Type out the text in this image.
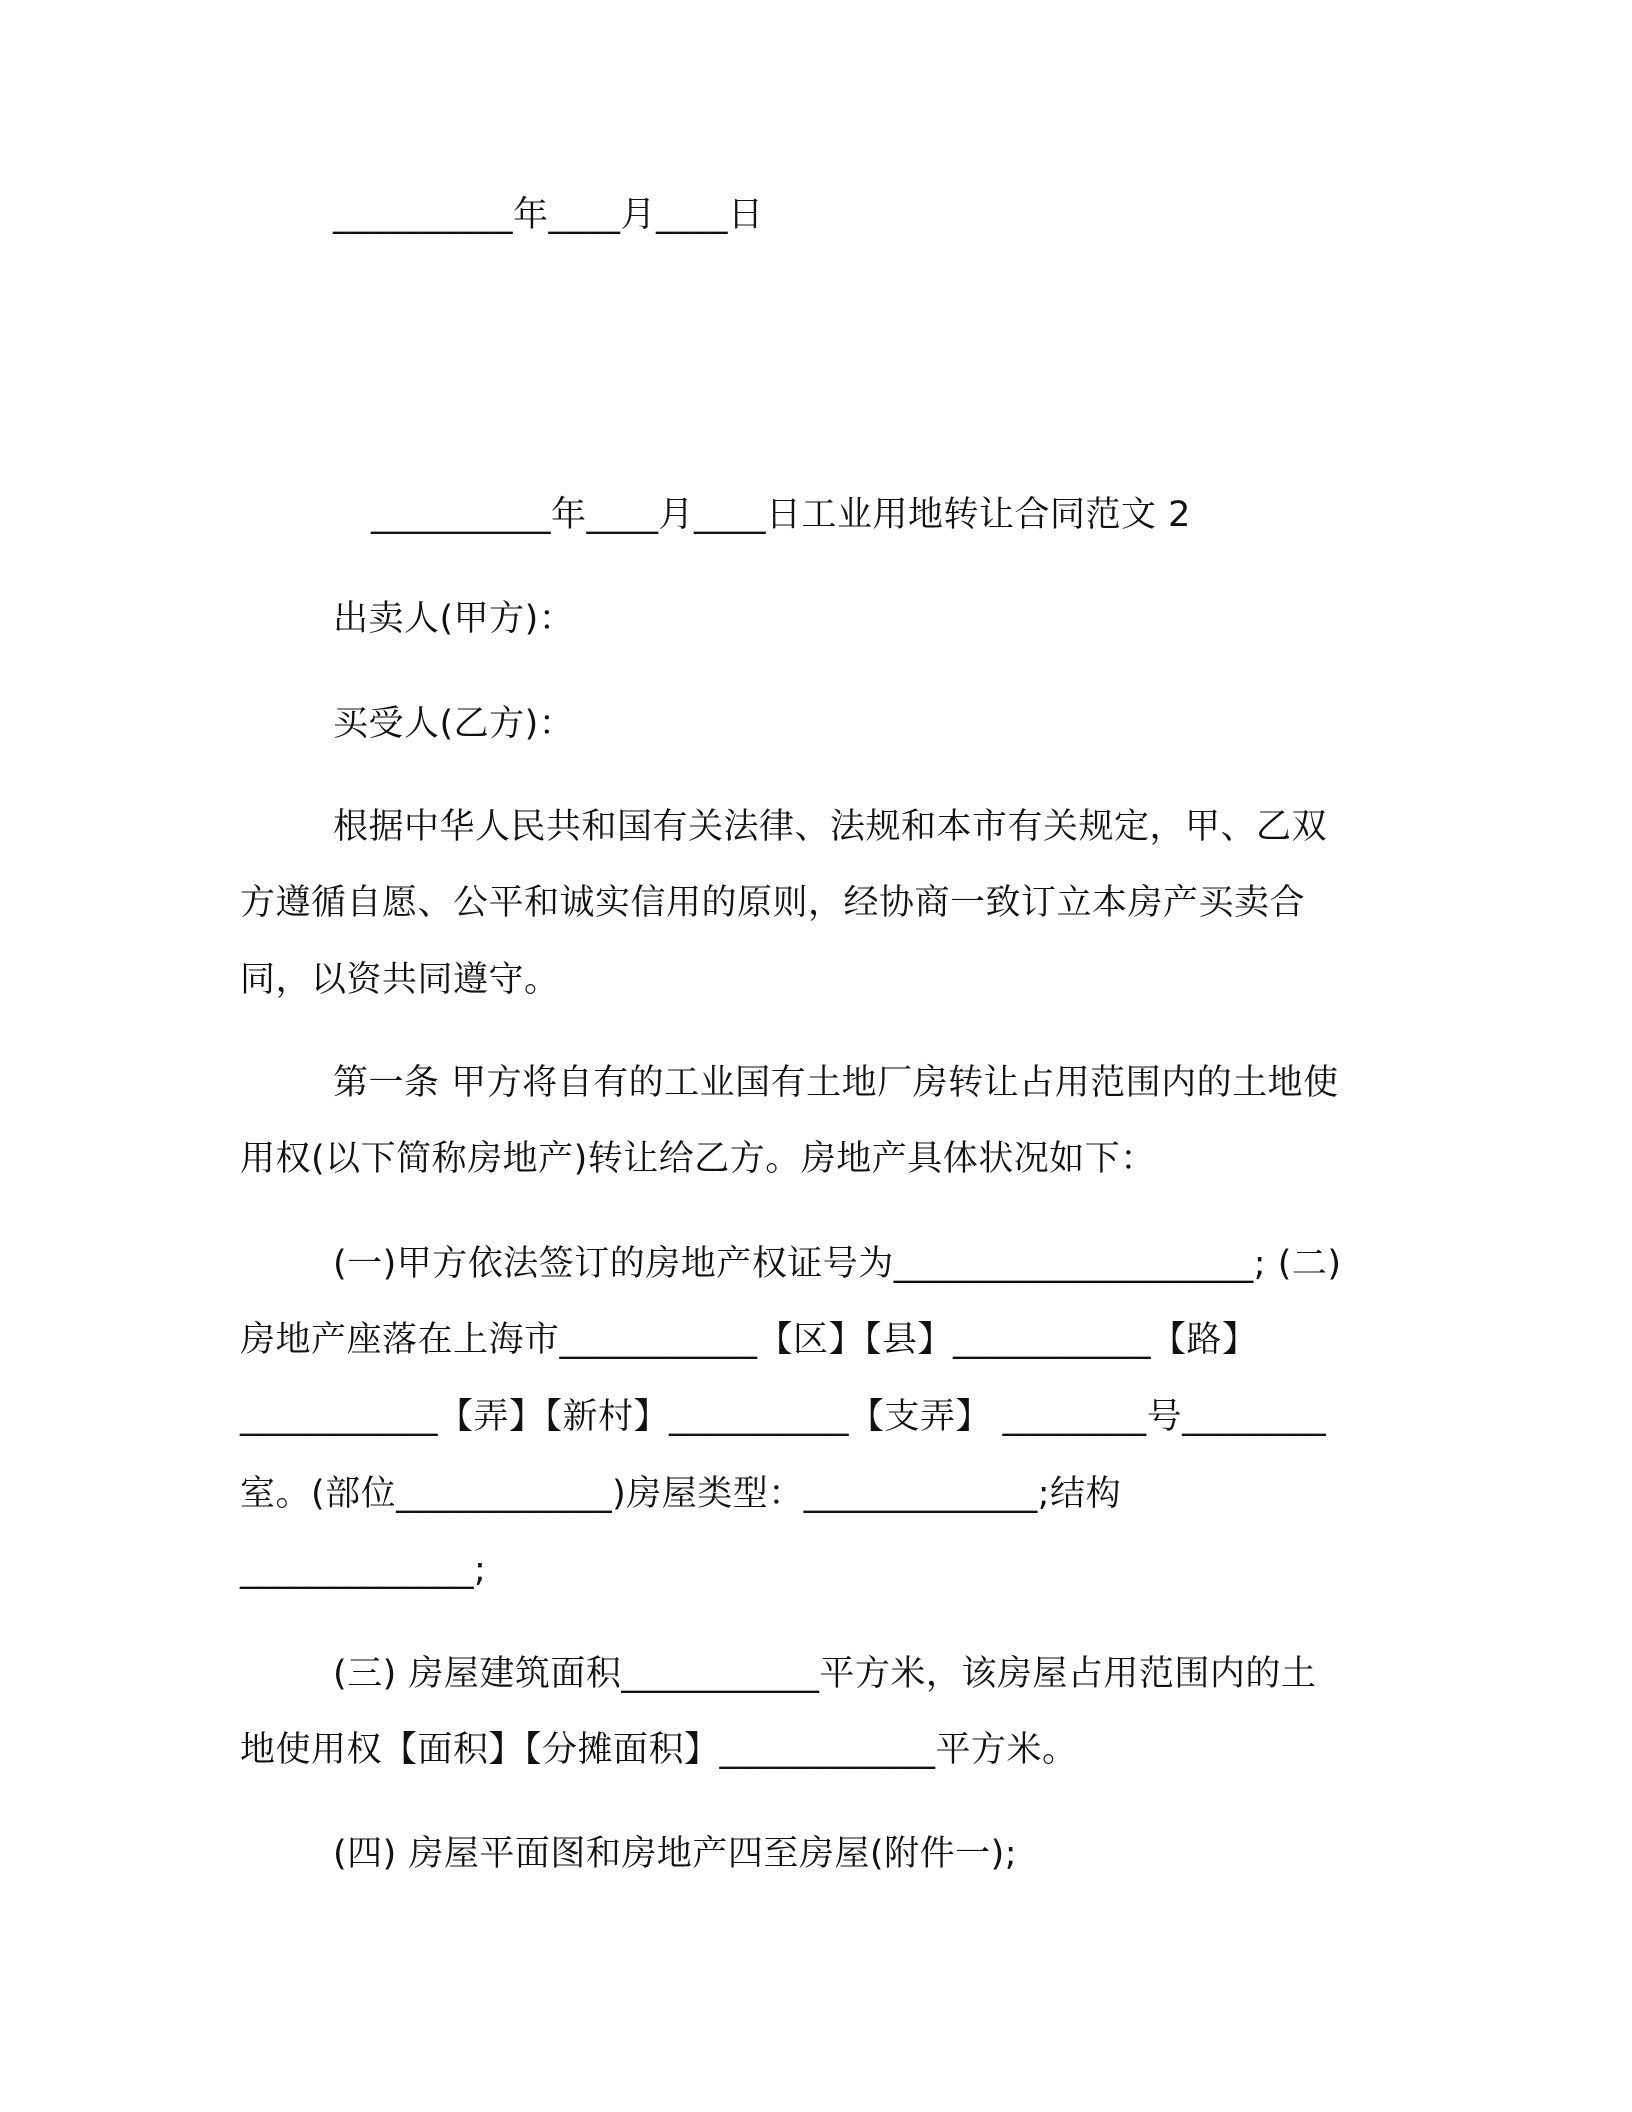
__________年____月____日
__________年____月____日工业用地转让合同范文 2
出卖人(甲方)：
买受人(乙方)：
根据中华人民共和国有关法律、法规和本市有关规定，甲、乙双
方遵循自愿、公平和诚实信用的原则，经协商一致订立本房产买卖合
同，以资共同遵守。
第一条 甲方将自有的工业国有土地厂房转让占用范围内的土地使
用权(以下简称房地产)转让给乙方。房地产具体状况如下：
(一)甲方依法签订的房地产权证号为____________________; (二)
房地产座落在上海市___________【区】【县】___________【路】
___________【弄】【新村】__________【支弄】 ________号________
室。(部位____________)房屋类型：_____________;结构
_____________;
(三) 房屋建筑面积___________平方米，该房屋占用范围内的土
地使用权【面积】【分摊面积】____________平方米。
(四) 房屋平面图和房地产四至房屋(附件一);
